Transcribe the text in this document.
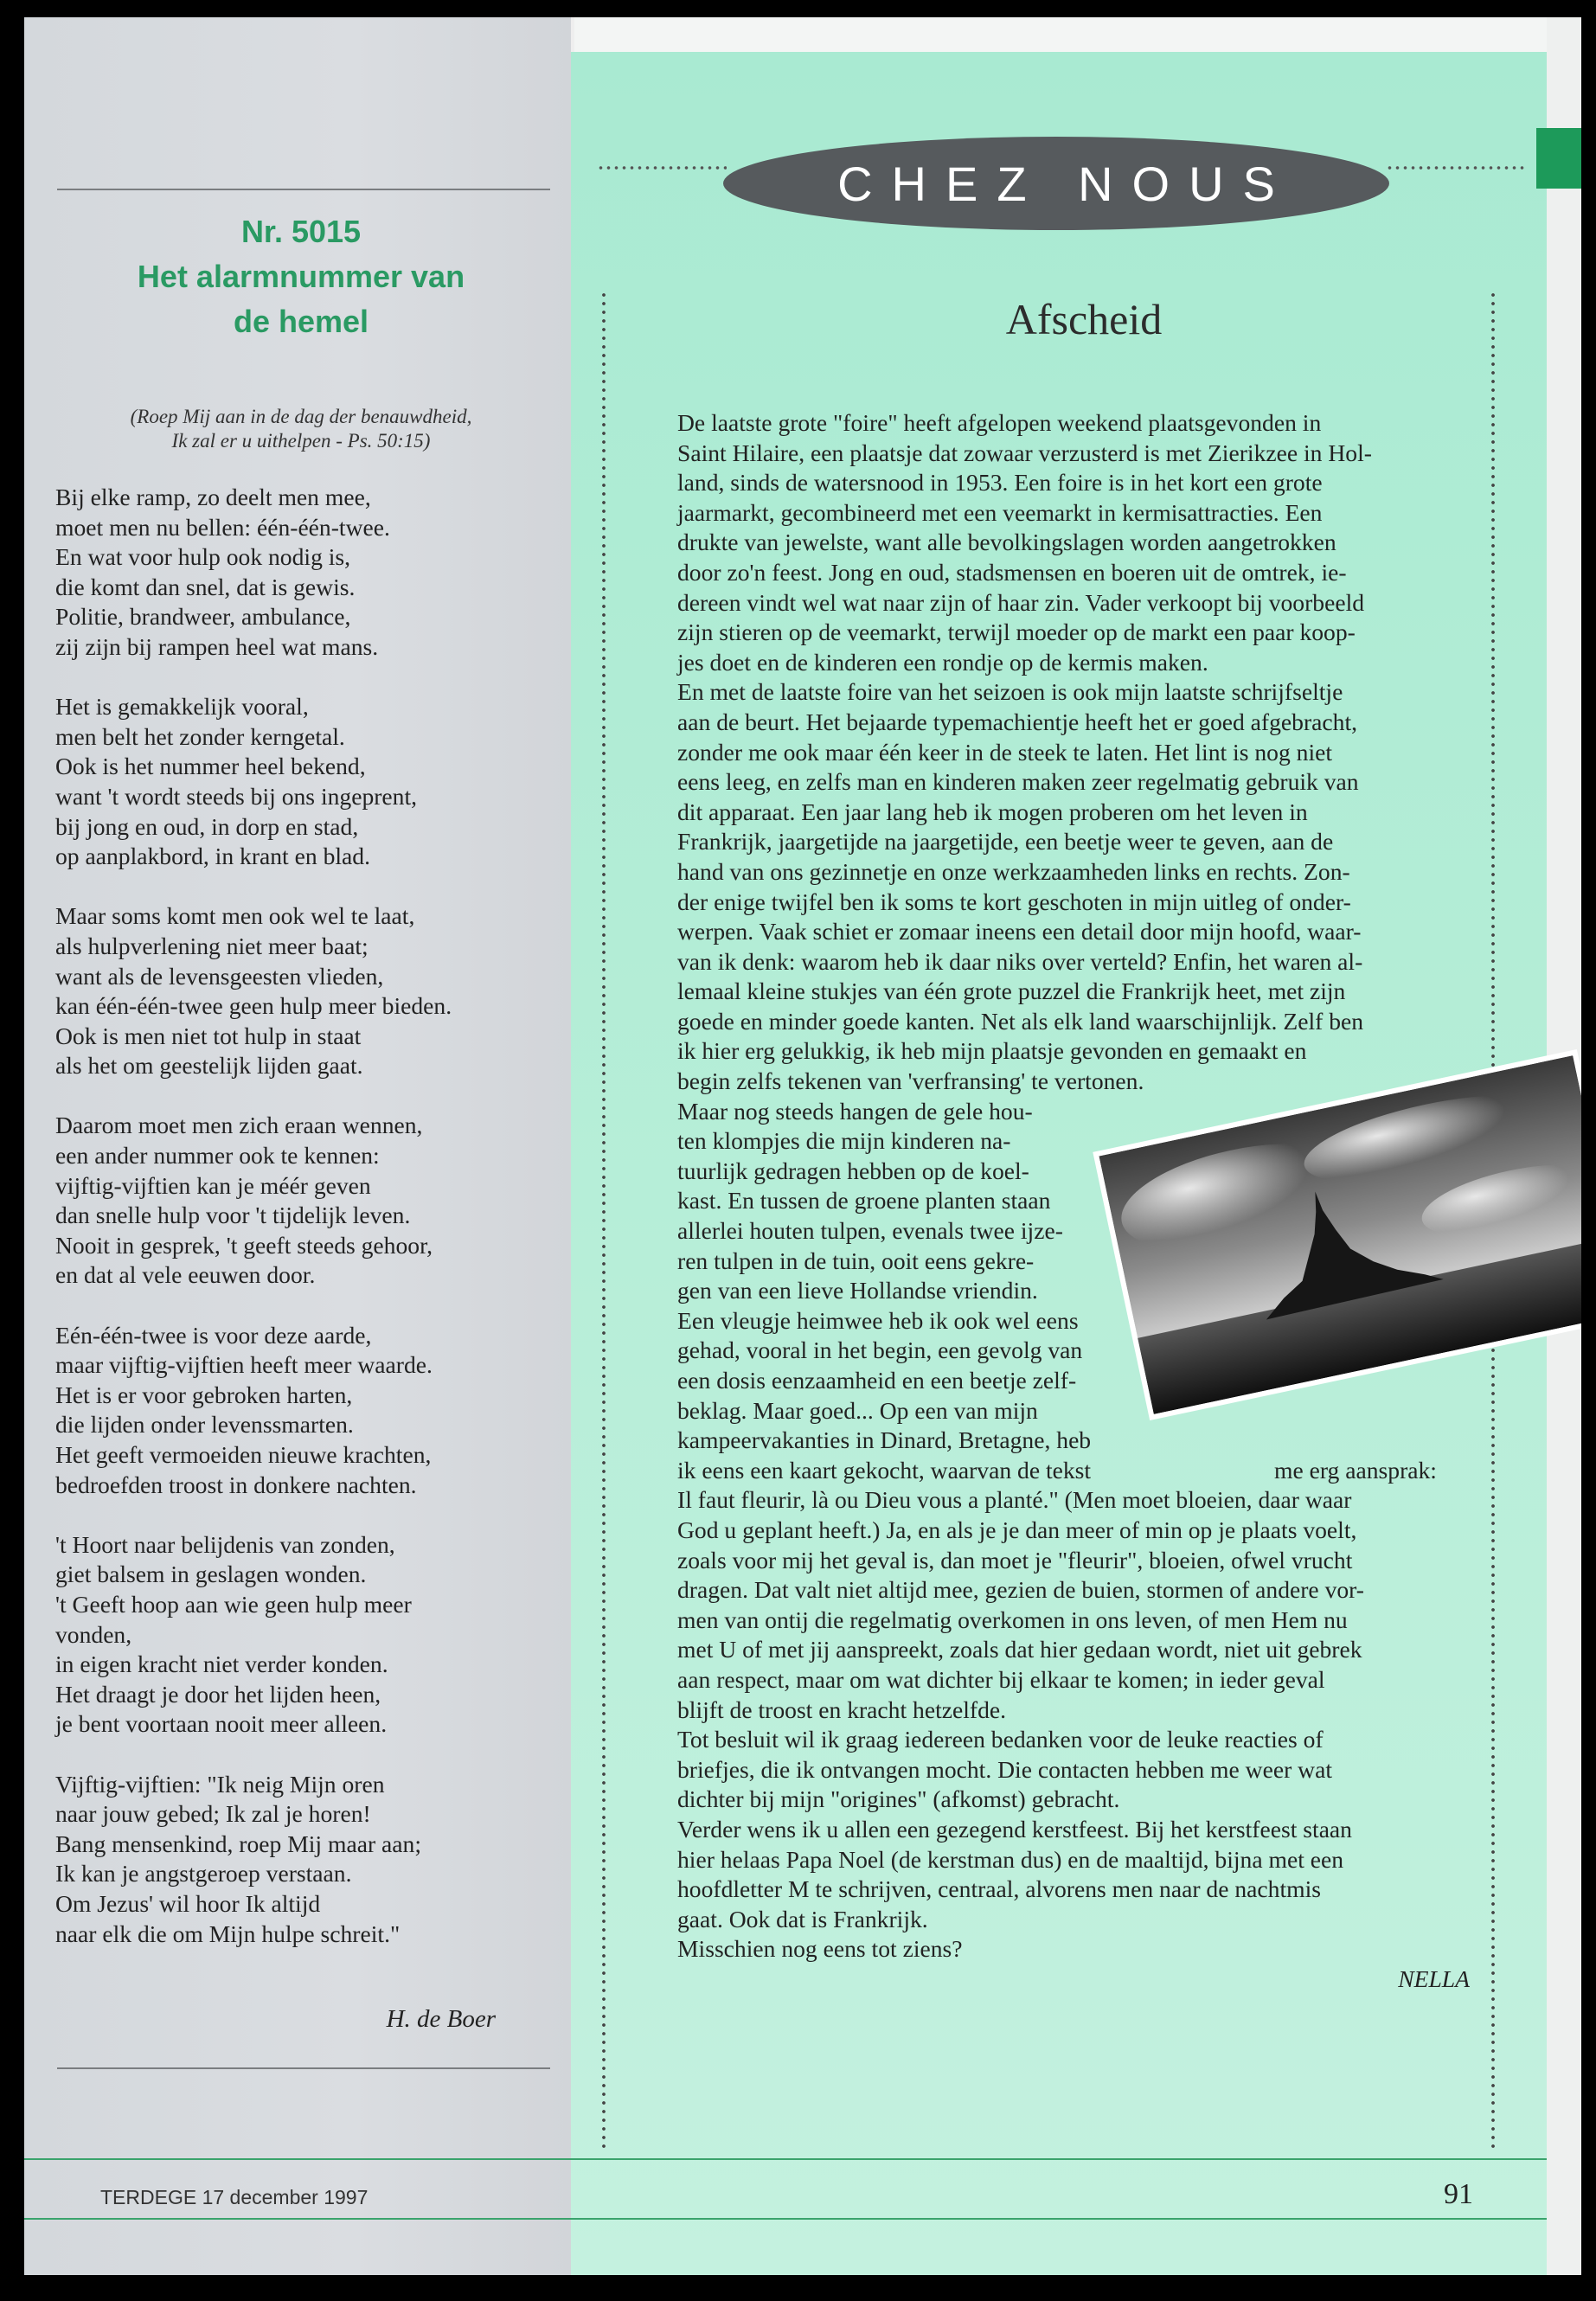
Nr. 5015
Het alarmnummer van
de hemel
(Roep Mij aan in de dag der benauwdheid,
Ik zal er u uithelpen - Ps. 50:15)
Bij elke ramp, zo deelt men mee,
moet men nu bellen: één-één-twee.
En wat voor hulp ook nodig is,
die komt dan snel, dat is gewis.
Politie, brandweer, ambulance,
zij zijn bij rampen heel wat mans.
Het is gemakkelijk vooral,
men belt het zonder kerngetal.
Ook is het nummer heel bekend,
want 't wordt steeds bij ons ingeprent,
bij jong en oud, in dorp en stad,
op aanplakbord, in krant en blad.
Maar soms komt men ook wel te laat,
als hulpverlening niet meer baat;
want als de levensgeesten vlieden,
kan één-één-twee geen hulp meer bieden.
Ook is men niet tot hulp in staat
als het om geestelijk lijden gaat.
Daarom moet men zich eraan wennen,
een ander nummer ook te kennen:
vijftig-vijftien kan je méér geven
dan snelle hulp voor 't tijdelijk leven.
Nooit in gesprek, 't geeft steeds gehoor,
en dat al vele eeuwen door.
Eén-één-twee is voor deze aarde,
maar vijftig-vijftien heeft meer waarde.
Het is er voor gebroken harten,
die lijden onder levenssmarten.
Het geeft vermoeiden nieuwe krachten,
bedroefden troost in donkere nachten.
't Hoort naar belijdenis van zonden,
giet balsem in geslagen wonden.
't Geeft hoop aan wie geen hulp meer
vonden,
in eigen kracht niet verder konden.
Het draagt je door het lijden heen,
je bent voortaan nooit meer alleen.
Vijftig-vijftien: "Ik neig Mijn oren
naar jouw gebed; Ik zal je horen!
Bang mensenkind, roep Mij maar aan;
Ik kan je angstgeroep verstaan.
Om Jezus' wil hoor Ik altijd
naar elk die om Mijn hulpe schreit."
H. de Boer
CHEZ NOUS
Afscheid
De laatste grote "foire" heeft afgelopen weekend plaatsgevonden in
Saint Hilaire, een plaatsje dat zowaar verzusterd is met Zierikzee in Hol-
land, sinds de watersnood in 1953. Een foire is in het kort een grote
jaarmarkt, gecombineerd met een veemarkt in kermisattracties. Een
drukte van jewelste, want alle bevolkingslagen worden aangetrokken
door zo'n feest. Jong en oud, stadsmensen en boeren uit de omtrek, ie-
dereen vindt wel wat naar zijn of haar zin. Vader verkoopt bij voorbeeld
zijn stieren op de veemarkt, terwijl moeder op de markt een paar koop-
jes doet en de kinderen een rondje op de kermis maken.
En met de laatste foire van het seizoen is ook mijn laatste schrijfseltje
aan de beurt. Het bejaarde typemachientje heeft het er goed afgebracht,
zonder me ook maar één keer in de steek te laten. Het lint is nog niet
eens leeg, en zelfs man en kinderen maken zeer regelmatig gebruik van
dit apparaat. Een jaar lang heb ik mogen proberen om het leven in
Frankrijk, jaargetijde na jaargetijde, een beetje weer te geven, aan de
hand van ons gezinnetje en onze werkzaamheden links en rechts. Zon-
der enige twijfel ben ik soms te kort geschoten in mijn uitleg of onder-
werpen. Vaak schiet er zomaar ineens een detail door mijn hoofd, waar-
van ik denk: waarom heb ik daar niks over verteld? Enfin, het waren al-
lemaal kleine stukjes van één grote puzzel die Frankrijk heet, met zijn
goede en minder goede kanten. Net als elk land waarschijnlijk. Zelf ben
ik hier erg gelukkig, ik heb mijn plaatsje gevonden en gemaakt en
begin zelfs tekenen van 'verfransing' te vertonen.
Maar nog steeds hangen de gele hou-
ten klompjes die mijn kinderen na-
tuurlijk gedragen hebben op de koel-
kast. En tussen de groene planten staan
allerlei houten tulpen, evenals twee ijze-
ren tulpen in de tuin, ooit eens gekre-
gen van een lieve Hollandse vriendin.
Een vleugje heimwee heb ik ook wel eens
gehad, vooral in het begin, een gevolg van
een dosis eenzaamheid en een beetje zelf-
beklag. Maar goed... Op een van mijn
kampeervakanties in Dinard, Bretagne, heb
ik eens een kaart gekocht, waarvan de tekst	me erg aansprak:
Il faut fleurir, là ou Dieu vous a planté." (Men moet bloeien, daar waar
God u geplant heeft.) Ja, en als je je dan meer of min op je plaats voelt,
zoals voor mij het geval is, dan moet je "fleurir", bloeien, ofwel vrucht
dragen. Dat valt niet altijd mee, gezien de buien, stormen of andere vor-
men van ontij die regelmatig overkomen in ons leven, of men Hem nu
met U of met jij aanspreekt, zoals dat hier gedaan wordt, niet uit gebrek
aan respect, maar om wat dichter bij elkaar te komen; in ieder geval
blijft de troost en kracht hetzelfde.
Tot besluit wil ik graag iedereen bedanken voor de leuke reacties of
briefjes, die ik ontvangen mocht. Die contacten hebben me weer wat
dichter bij mijn "origines" (afkomst) gebracht.
Verder wens ik u allen een gezegend kerstfeest. Bij het kerstfeest staan
hier helaas Papa Noel (de kerstman dus) en de maaltijd, bijna met een
hoofdletter M te schrijven, centraal, alvorens men naar de nachtmis
gaat. Ook dat is Frankrijk.
Misschien nog eens tot ziens?
NELLA
TERDEGE 17 december 1997	91
